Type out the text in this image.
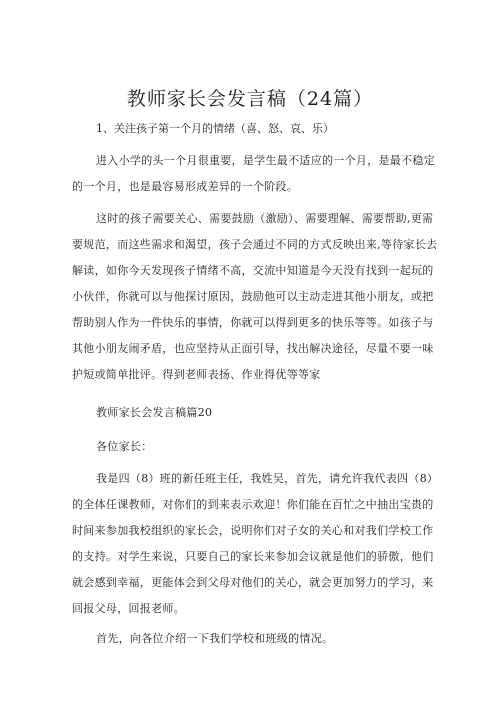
教师家长会发言稿（24篇）
1、关注孩子第一个月的情绪（喜、怒、哀、乐）
进入小学的头一个月很重要，是学生最不适应的一个月，是最不稳定
的一个月，也是最容易形成差异的一个阶段。
这时的孩子需要关心、需要鼓励（激励）、需要理解、需要帮助,更需
要规范，而这些需求和渴望，孩子会通过不同的方式反映出来,等待家长去
解读，如你今天发现孩子情绪不高，交流中知道是今天没有找到一起玩的
小伙伴，你就可以与他探讨原因，鼓励他可以主动走进其他小朋友，或把
帮助别人作为一件快乐的事情，你就可以得到更多的快乐等等。如孩子与
其他小朋友闹矛盾，也应坚持从正面引导，找出解决途径，尽量不要一味
护短或简单批评。得到老师表扬、作业得优等等家
教师家长会发言稿篇20
各位家长：
我是四（8）班的新任班主任，我姓吴，首先，请允许我代表四（8）
的全体任课教师，对你们的到来表示欢迎！你们能在百忙之中抽出宝贵的
时间来参加我校组织的家长会，说明你们对子女的关心和对我们学校工作
的支持。对学生来说，只要自己的家长来参加会议就是他们的骄傲，他们
就会感到幸福，更能体会到父母对他们的关心，就会更加努力的学习，来
回报父母，回报老师。
首先，向各位介绍一下我们学校和班级的情况。
